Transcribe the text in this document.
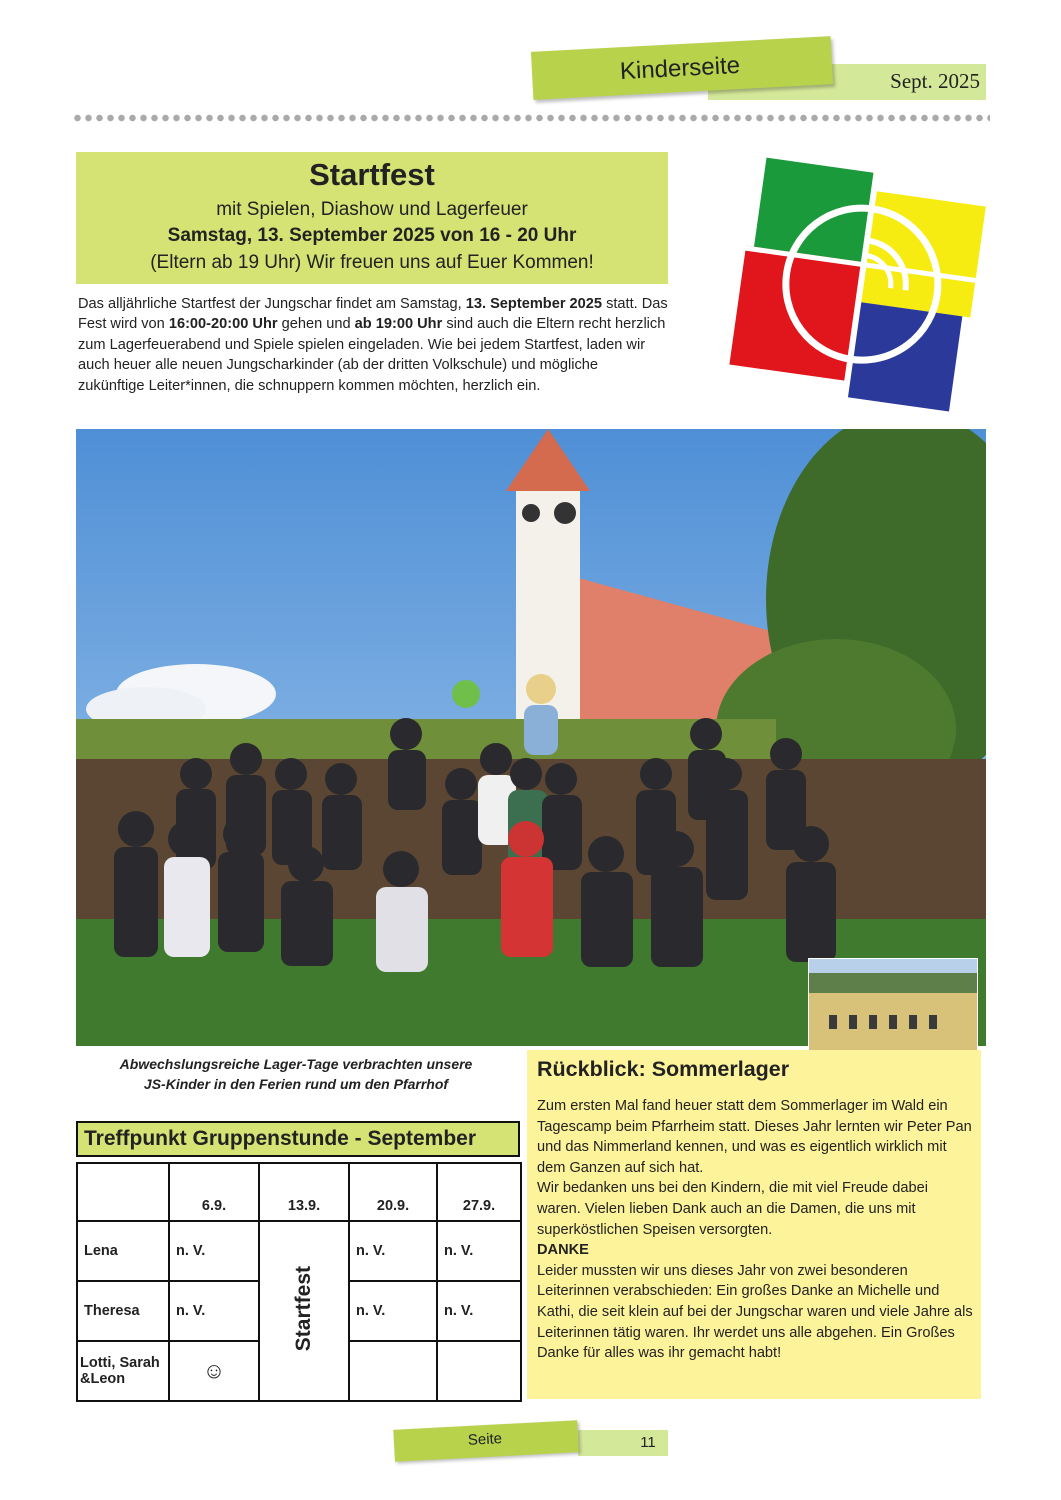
Sept. 2025
Kinderseite
Startfest
mit Spielen, Diashow und Lagerfeuer
Samstag, 13. September 2025 von 16 - 20 Uhr
(Eltern ab 19 Uhr) Wir freuen uns auf Euer Kommen!
Das alljährliche Startfest der Jungschar findet am Samstag, 13. September 2025 statt. Das Fest wird von 16:00-20:00 Uhr gehen und ab 19:00 Uhr sind auch die Eltern recht herzlich zum Lagerfeuerabend und Spiele spielen eingeladen. Wie bei jedem Startfest, laden wir auch heuer alle neuen Jungscharkinder (ab der dritten Volkschule) und mögliche zukünftige Leiter*innen, die schnuppern kommen möchten, herzlich ein.
Abwechslungsreiche Lager-Tage verbrachten unsere
JS-Kinder in den Ferien rund um den Pfarrhof
Rückblick: Sommerlager
Zum ersten Mal fand heuer statt dem Sommerlager im Wald ein Tagescamp beim Pfarrheim statt. Dieses Jahr lernten wir Peter Pan und das Nimmerland kennen, und was es eigentlich wirklich mit dem Ganzen auf sich hat.
Wir bedanken uns bei den Kindern, die mit viel Freude dabei waren. Vielen lieben Dank auch an die Damen, die uns mit superköstlichen Speisen versorgten.
DANKE
Leider mussten wir uns dieses Jahr von zwei besonderen Leiterinnen verabschieden: Ein großes Danke an Michelle und Kathi, die seit klein auf bei der Jungschar waren und viele Jahre als Leiterinnen tätig waren. Ihr werdet uns alle abgehen. Ein Großes Danke für alles was ihr gemacht habt!
Treffpunkt Gruppenstunde - September
	6.9.	13.9.	20.9.	27.9.
Lena	n. V.	Startfest	n. V.	n. V.
Theresa	n. V.		n. V.	n. V.
Lotti, Sarah &Leon	☺			
Seite	11
